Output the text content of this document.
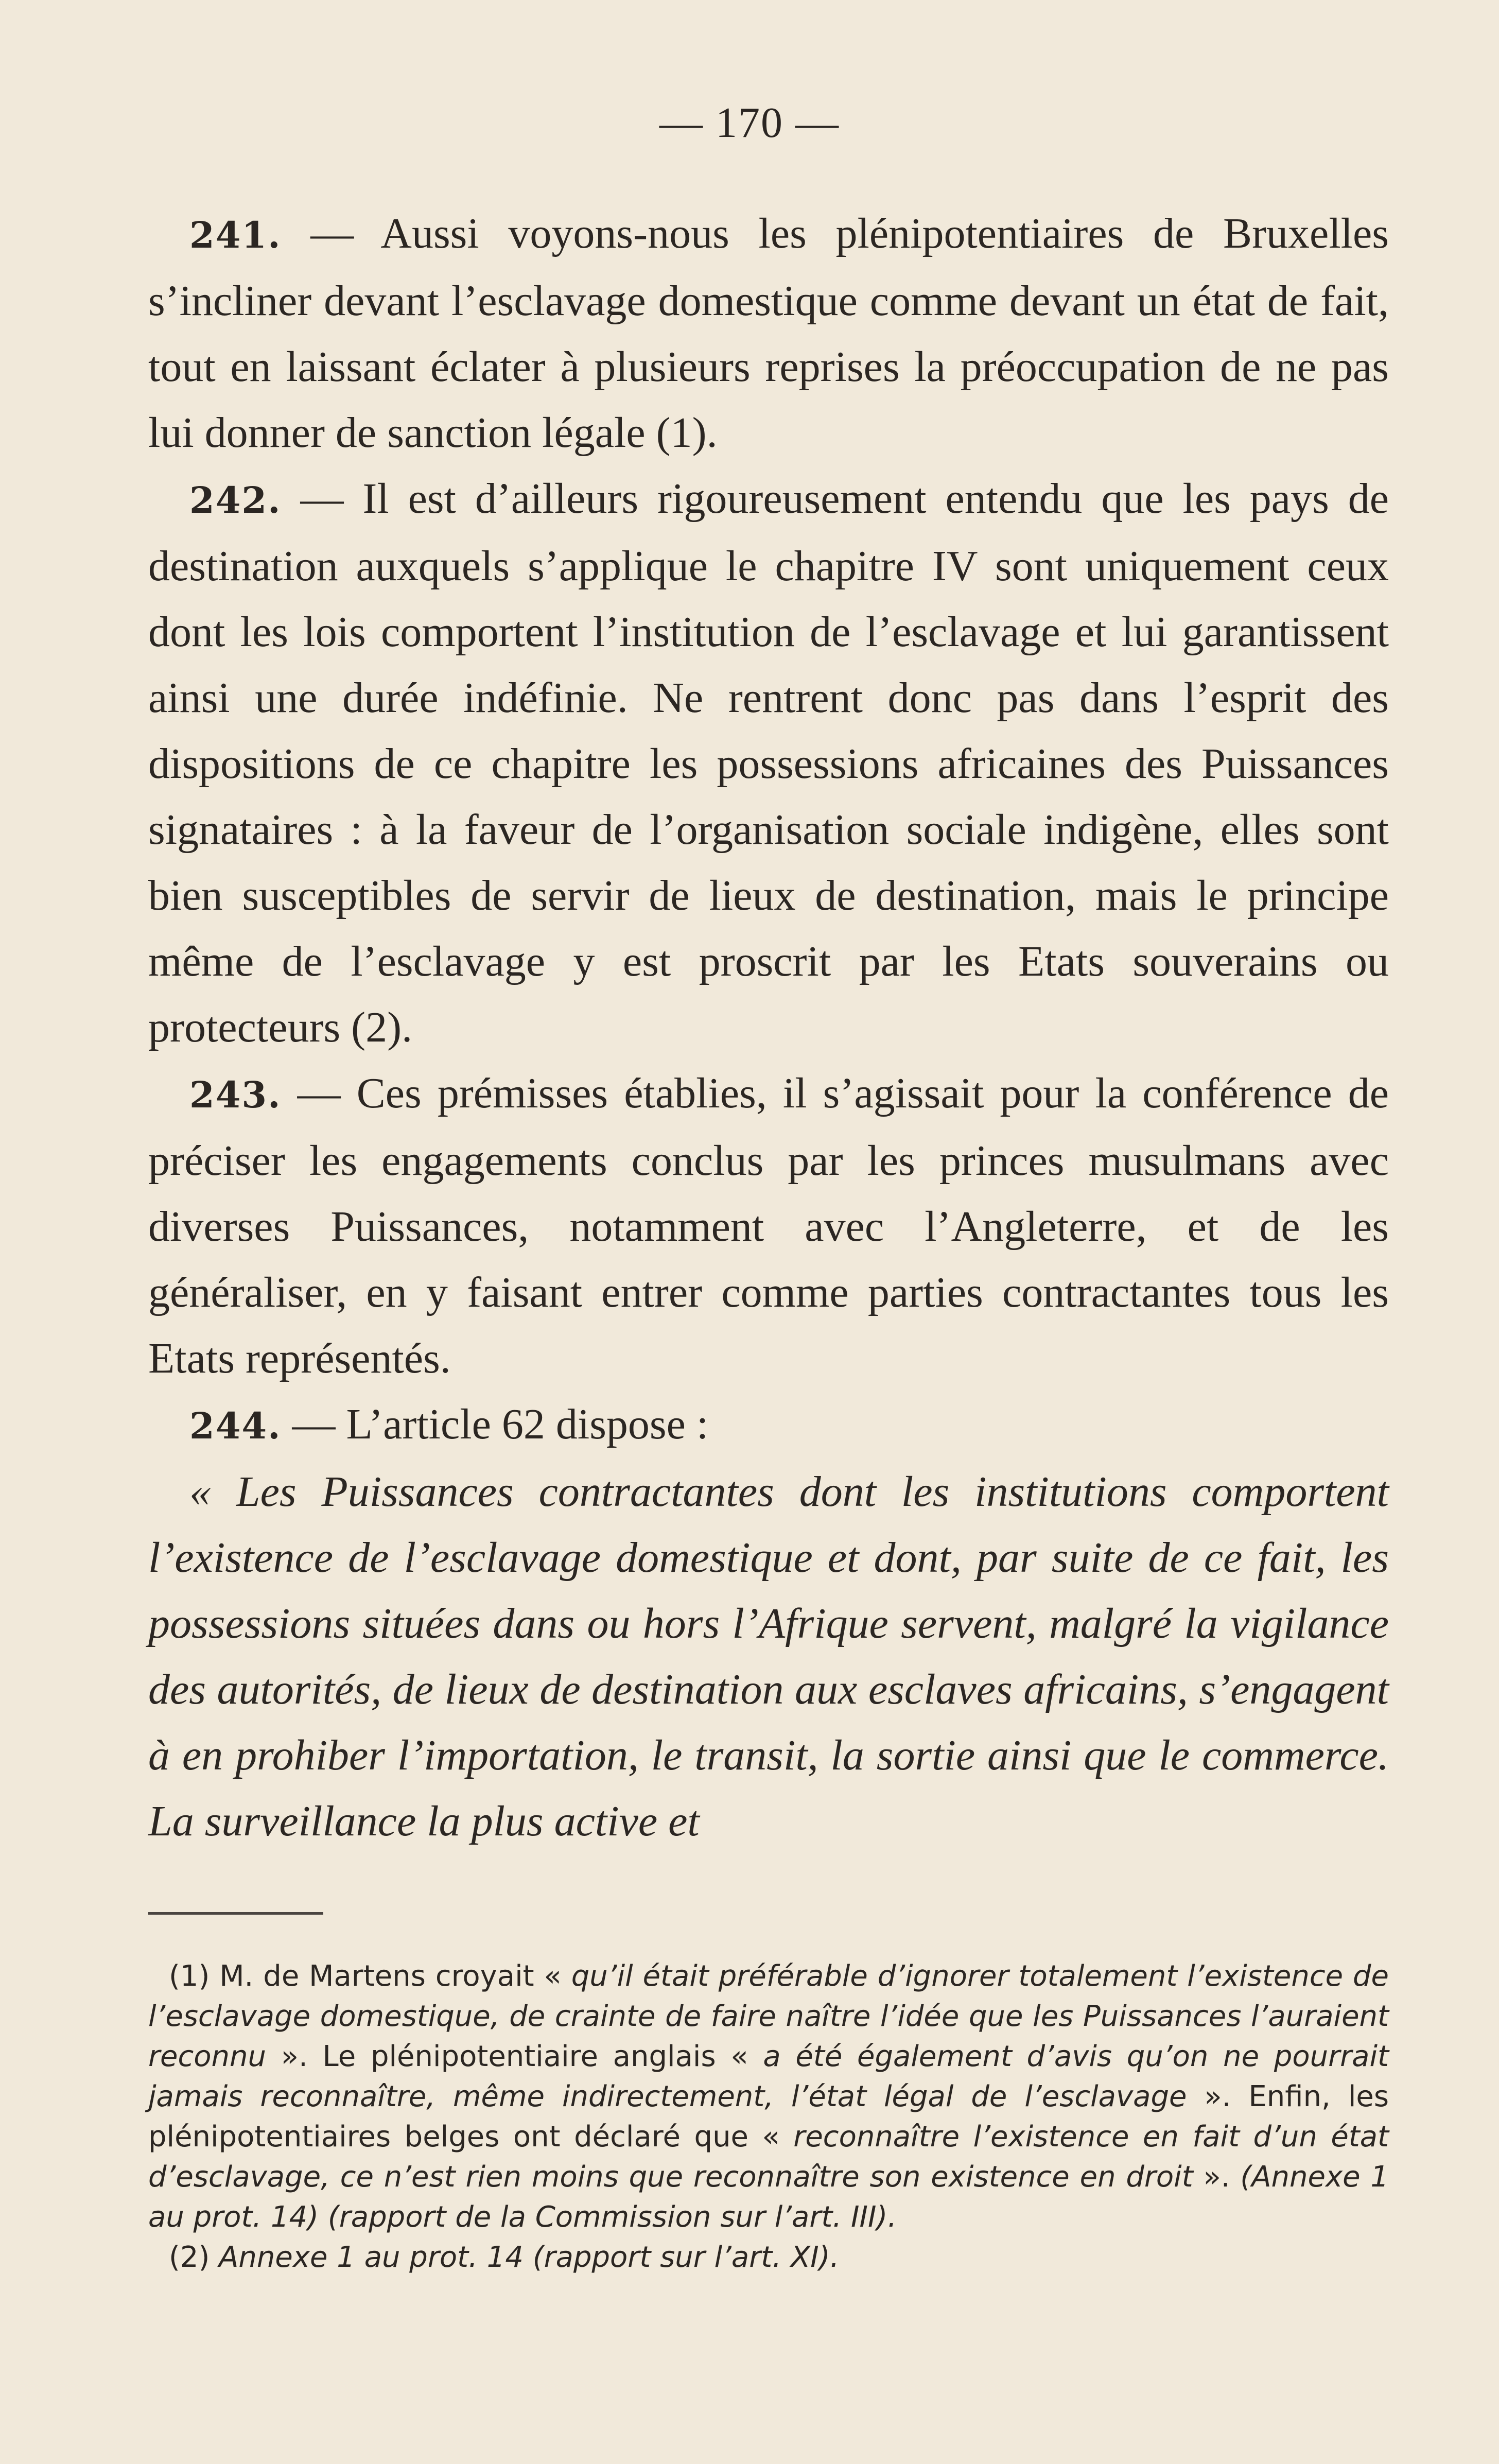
— 170 —

241. — Aussi voyons-nous les plénipotentiaires de Bruxelles s’incliner devant l’esclavage domestique comme devant un état de fait, tout en laissant éclater à plusieurs reprises la préoccupation de ne pas lui donner de sanction légale (1).

242. — Il est d’ailleurs rigoureusement entendu que les pays de destination auxquels s’applique le chapitre IV sont uniquement ceux dont les lois comportent l’institution de l’esclavage et lui garantissent ainsi une durée indéfinie. Ne rentrent donc pas dans l’esprit des dispositions de ce chapitre les possessions africaines des Puissances signataires : à la faveur de l’organisation sociale indigène, elles sont bien susceptibles de servir de lieux de destination, mais le principe même de l’esclavage y est proscrit par les Etats souverains ou protecteurs (2).

243. — Ces prémisses établies, il s’agissait pour la conférence de préciser les engagements conclus par les princes musulmans avec diverses Puissances, notamment avec l’Angleterre, et de les généraliser, en y faisant entrer comme parties contractantes tous les Etats représentés.

244. — L’article 62 dispose :

« Les Puissances contractantes dont les institutions comportent l’existence de l’esclavage domestique et dont, par suite de ce fait, les possessions situées dans ou hors l’Afrique servent, malgré la vigilance des autorités, de lieux de destination aux esclaves africains, s’engagent à en prohiber l’importation, le transit, la sortie ainsi que le commerce. La surveillance la plus active et

(1) M. de Martens croyait « qu’il était préférable d’ignorer totalement l’existence de l’esclavage domestique, de crainte de faire naître l’idée que les Puissances l’auraient reconnu ». Le plénipotentiaire anglais « a été également d’avis qu’on ne pourrait jamais reconnaître, même indirectement, l’état légal de l’esclavage ». Enfin, les plénipotentiaires belges ont déclaré que « reconnaître l’existence en fait d’un état d’esclavage, ce n’est rien moins que reconnaître son existence en droit ». (Annexe 1 au prot. 14) (rapport de la Commission sur l’art. III).

(2) Annexe 1 au prot. 14 (rapport sur l’art. XI).
